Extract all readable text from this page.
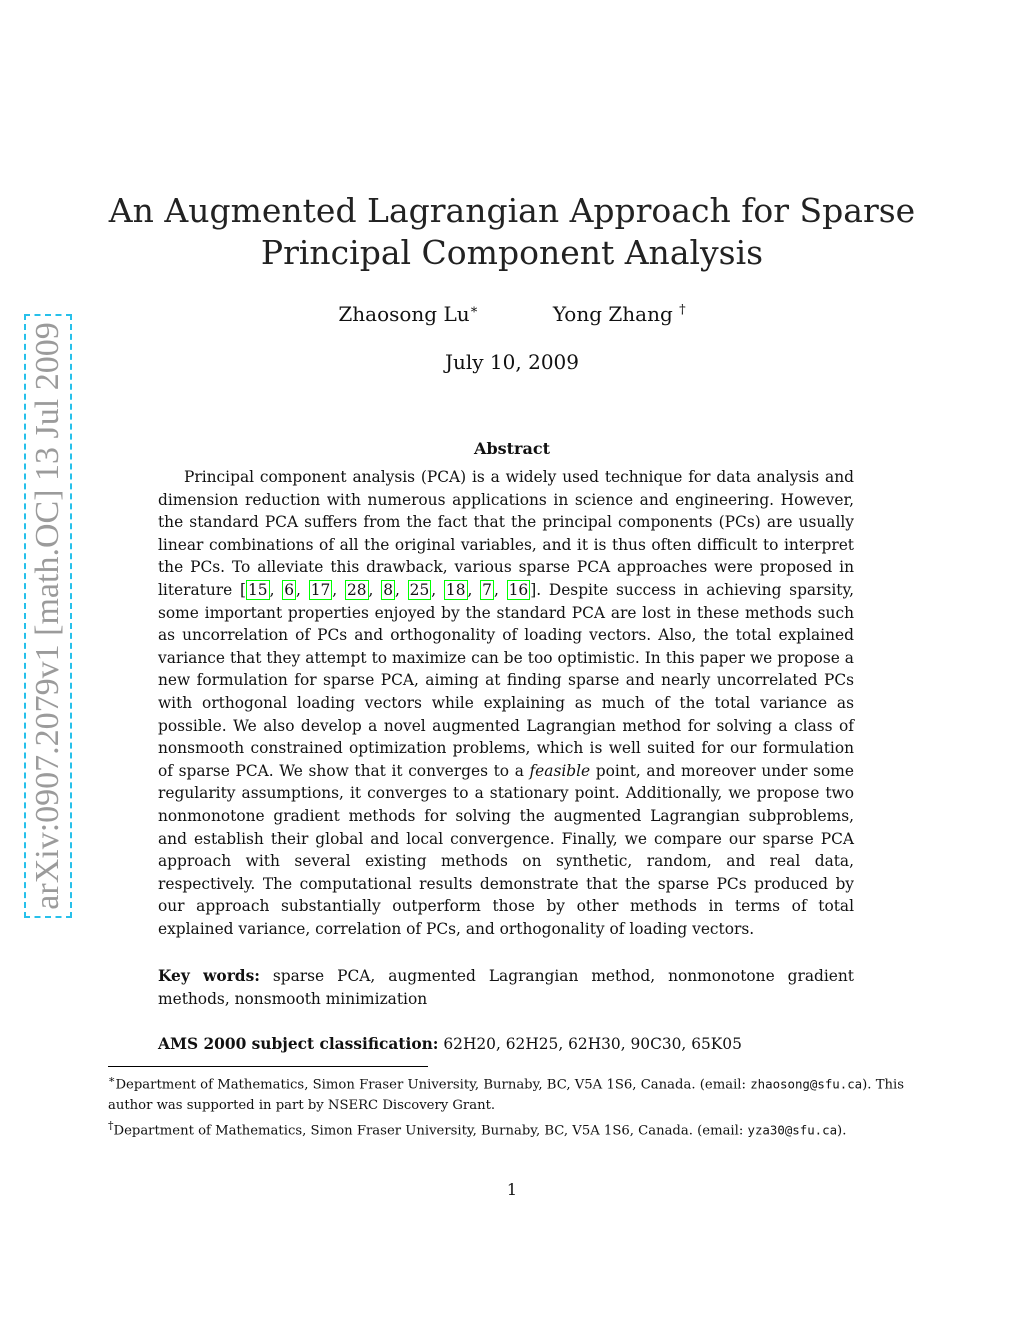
arXiv:0907.2079v1 [math.OC] 13 Jul 2009
An Augmented Lagrangian Approach for Sparse
Principal Component Analysis
Zhaosong Lu∗	Yong Zhang †
July 10, 2009
Abstract

Principal component analysis (PCA) is a widely used technique for data analysis and dimension reduction with numerous applications in science and engineering. However, the standard PCA suffers from the fact that the principal components (PCs) are usually linear combinations of all the original variables, and it is thus often difficult to interpret the PCs. To alleviate this drawback, various sparse PCA approaches were proposed in literature [ 15 , 6 , 17 , 28 , 8 , 25 , 18 , 7 , 16 ]. Despite success in achieving sparsity, some important properties enjoyed by the standard PCA are lost in these methods such as uncorrelation of PCs and orthogonality of loading vectors. Also, the total explained variance that they attempt to maximize can be too optimistic. In this paper we propose a new formulation for sparse PCA, aiming at finding sparse and nearly uncorrelated PCs with orthogonal loading vectors while explaining as much of the total variance as possible. We also develop a novel augmented Lagrangian method for solving a class of nonsmooth constrained optimization problems, which is well suited for our formulation of sparse PCA. We show that it converges to a feasible point, and moreover under some regularity assumptions, it converges to a stationary point. Additionally, we propose two nonmonotone gradient methods for solving the augmented Lagrangian subproblems, and establish their global and local convergence. Finally, we compare our sparse PCA approach with several existing methods on synthetic, random, and real data, respectively. The computational results demonstrate that the sparse PCs produced by our approach substantially outperform those by other methods in terms of total explained variance, correlation of PCs, and orthogonality of loading vectors.

Key words: sparse PCA, augmented Lagrangian method, nonmonotone gradient methods, nonsmooth minimization
AMS 2000 subject classification: 62H20, 62H25, 62H30, 90C30, 65K05
∗Department of Mathematics, Simon Fraser University, Burnaby, BC, V5A 1S6, Canada. (email: zhaosong@sfu.ca). This author was supported in part by NSERC Discovery Grant.
†Department of Mathematics, Simon Fraser University, Burnaby, BC, V5A 1S6, Canada. (email: yza30@sfu.ca).
1
